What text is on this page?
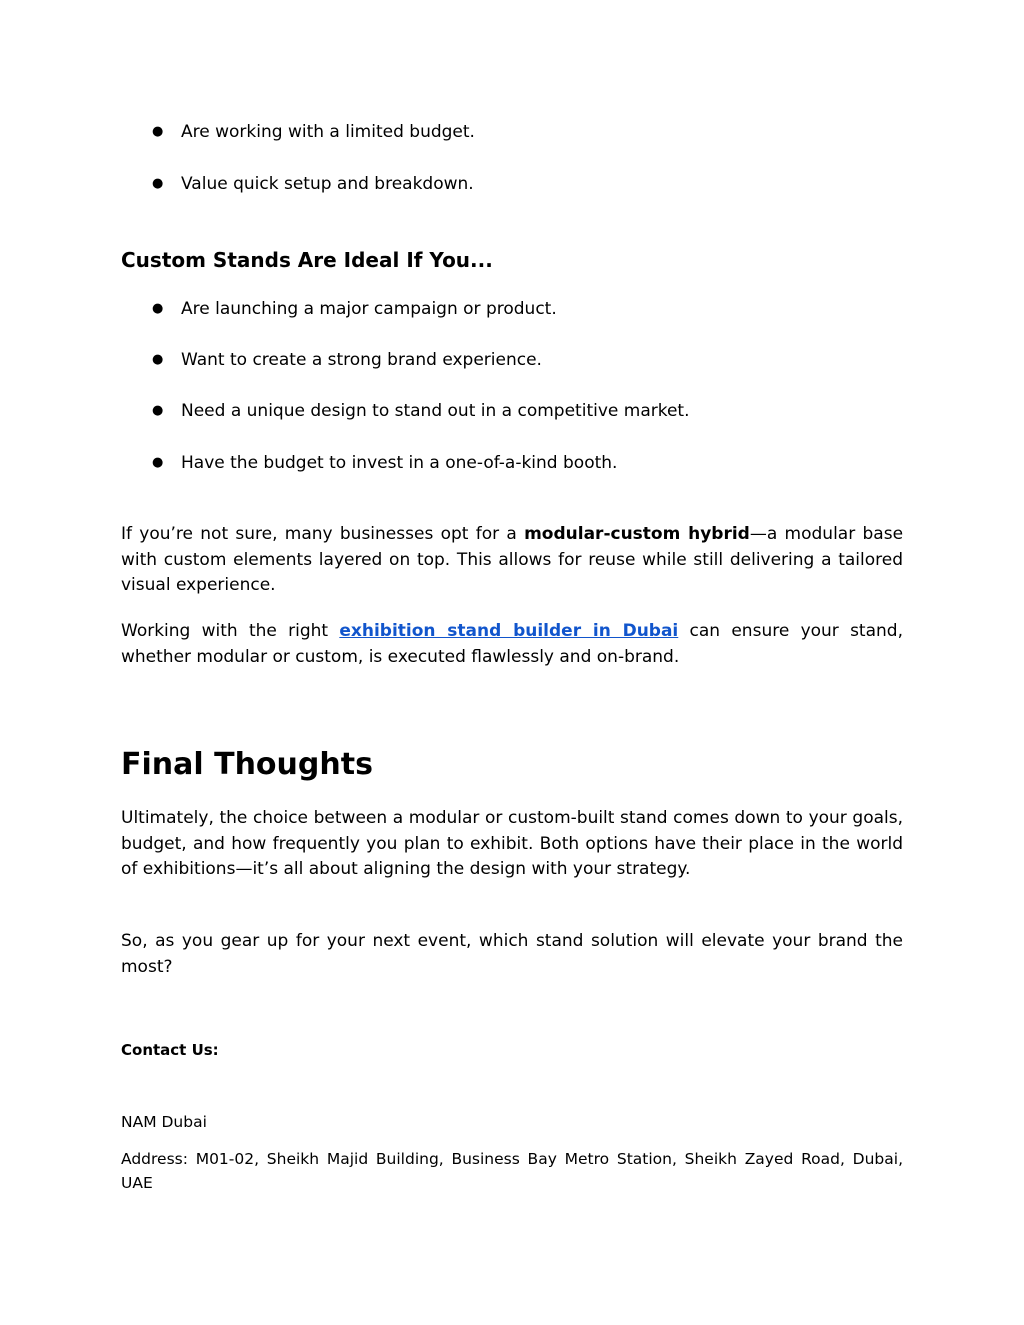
● Are working with a limited budget.
● Value quick setup and breakdown.
Custom Stands Are Ideal If You...
● Are launching a major campaign or product.
● Want to create a strong brand experience.
● Need a unique design to stand out in a competitive market.
● Have the budget to invest in a one-of-a-kind booth.

If you’re not sure, many businesses opt for a modular-custom hybrid—a modular base with custom elements layered on top. This allows for reuse while still delivering a tailored visual experience.

Working with the right exhibition stand builder in Dubai can ensure your stand, whether modular or custom, is executed flawlessly and on-brand.

Final Thoughts

Ultimately, the choice between a modular or custom-built stand comes down to your goals, budget, and how frequently you plan to exhibit. Both options have their place in the world of exhibitions—it’s all about aligning the design with your strategy.

So, as you gear up for your next event, which stand solution will elevate your brand the most?

Contact Us:
NAM Dubai

Address: M01-02, Sheikh Majid Building, Business Bay Metro Station, Sheikh Zayed Road, Dubai, UAE
